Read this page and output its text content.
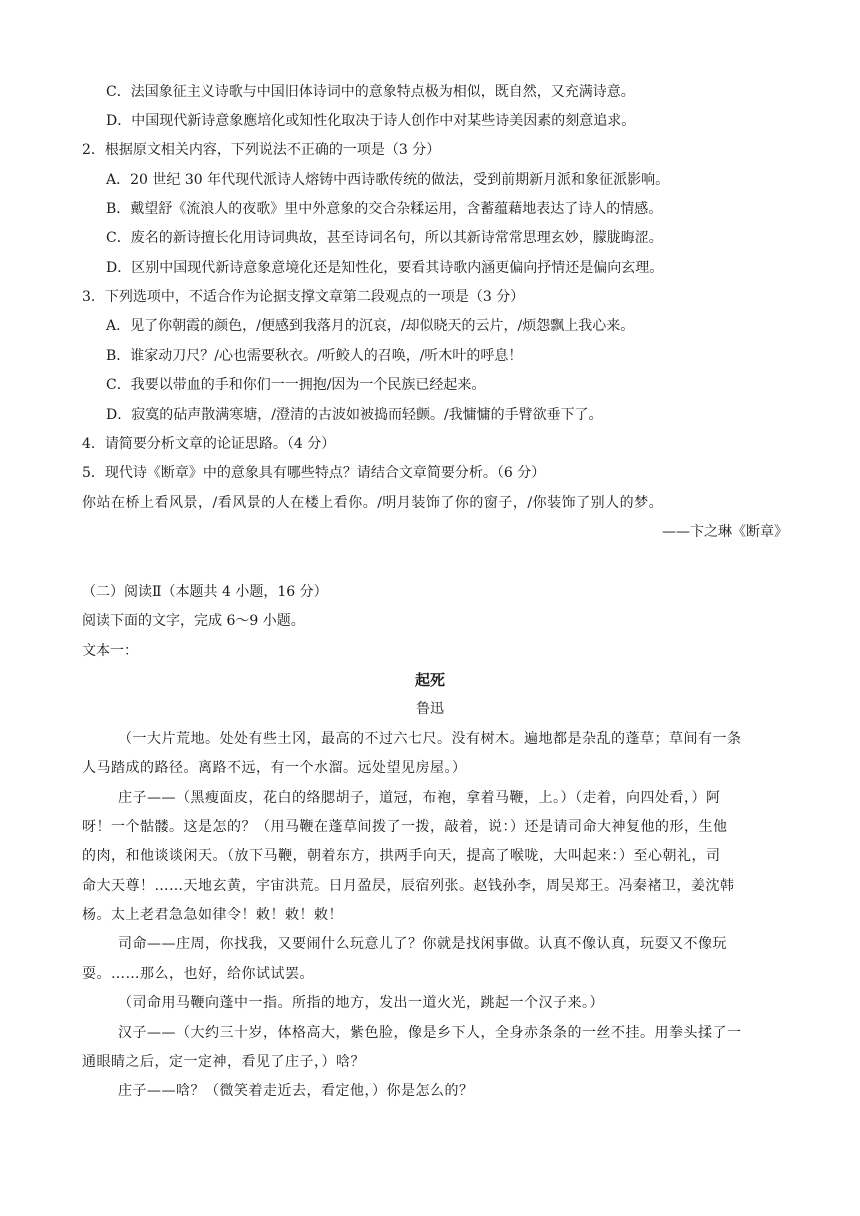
C．法国象征主义诗歌与中国旧体诗词中的意象特点极为相似，既自然，又充满诗意。
D．中国现代新诗意象應培化或知性化取决于诗人创作中对某些诗美因素的刻意追求。
2．根据原文相关内容，下列说法不正确的一项是（3 分）
A．20 世纪 30 年代现代派诗人熔铸中西诗歌传统的做法，受到前期新月派和象征派影响。
B．戴望舒《流浪人的夜歌》里中外意象的交合杂糅运用，含蓄蕴藉地表达了诗人的情感。
C．废名的新诗擅长化用诗词典故，甚至诗词名句，所以其新诗常常思理玄妙，朦胧晦涩。
D．区别中国现代新诗意象意境化还是知性化，要看其诗歌内涵更偏向抒情还是偏向玄理。
3．下列选项中，不适合作为论据支撑文章第二段观点的一项是（3 分）
A．见了你朝霞的颜色，/便感到我落月的沉哀，/却似晓天的云片，/烦怨飘上我心来。
B．谁家动刀尺？/心也需要秋衣。/听鲛人的召唤，/听木叶的呼息！
C．我要以带血的手和你们一一拥抱/因为一个民族已经起来。
D．寂寞的砧声散满寒塘，/澄清的古波如被捣而轻颤。/我慵慵的手臂欲垂下了。
4．请简要分析文章的论证思路。（4 分）
5．现代诗《断章》中的意象具有哪些特点？请结合文章简要分析。（6 分）
你站在桥上看风景，/看风景的人在楼上看你。/明月装饰了你的窗子，/你装饰了别人的梦。
——卞之琳《断章》
（二）阅读Ⅱ（本题共 4 小题，16 分）
阅读下面的文字，完成 6～9 小题。
文本一：
起死
鲁迅
（一大片荒地。处处有些土冈，最高的不过六七尺。没有树木。遍地都是杂乱的蓬草；草间有一条
人马踏成的路径。离路不远，有一个水溜。远处望见房屋。）
庄子——（黑瘦面皮，花白的络腮胡子，道冠，布袍，拿着马鞭，上。）（走着，向四处看，）阿
呀！一个骷髅。这是怎的？（用马鞭在蓬草间拨了一拨，敲着，说：）还是请司命大神复他的形，生他
的肉，和他谈谈闲天。（放下马鞭，朝着东方，拱两手向天，提高了喉咙，大叫起来：）至心朝礼，司
命大天尊！……天地玄黄，宇宙洪荒。日月盈昃，辰宿列张。赵钱孙李，周吴郑王。冯秦褚卫，姜沈韩
杨。太上老君急急如律令！敕！敕！敕！
司命——庄周，你找我，又要闹什么玩意儿了？你就是找闲事做。认真不像认真，玩耍又不像玩
耍。……那么，也好，给你试试罢。
（司命用马鞭向蓬中一指。所指的地方，发出一道火光，跳起一个汉子来。）
汉子——（大约三十岁，体格高大，紫色脸，像是乡下人，全身赤条条的一丝不挂。用拳头揉了一
通眼睛之后，定一定神，看见了庄子，）唅？
庄子——唅？（微笑着走近去，看定他，）你是怎么的？
